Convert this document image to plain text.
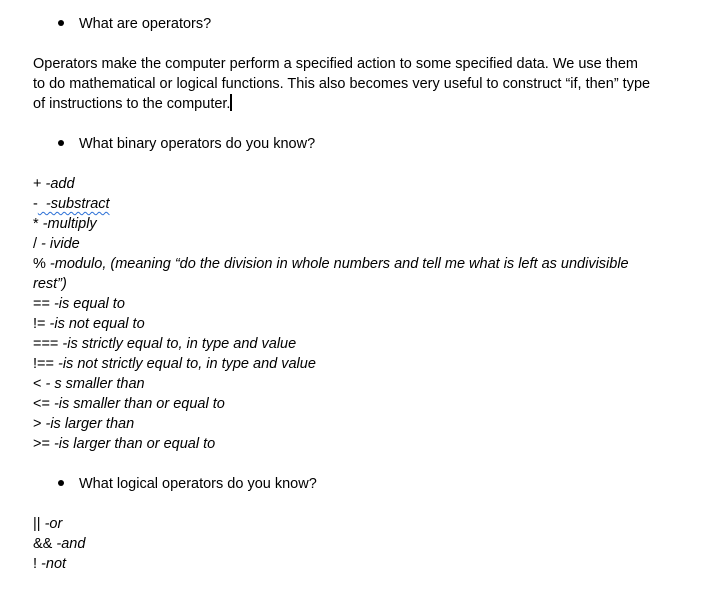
What are operators?
Operators make the computer perform a specified action to some specified data. We use them
to do mathematical or logical functions. This also becomes very useful to construct “if, then” type
of instructions to the computer.
What binary operators do you know?
+ -add
-  -substract
* -multiply
/ - ivide
% -modulo, (meaning “do the division in whole numbers and tell me what is left as undivisible
rest”)
== -is equal to
!= -is not equal to
=== -is strictly equal to, in type and value
!== -is not strictly equal to, in type and value
< - s smaller than
<= -is smaller than or equal to
> -is larger than
>= -is larger than or equal to
What logical operators do you know?
|| -or
&& -and
! -not
